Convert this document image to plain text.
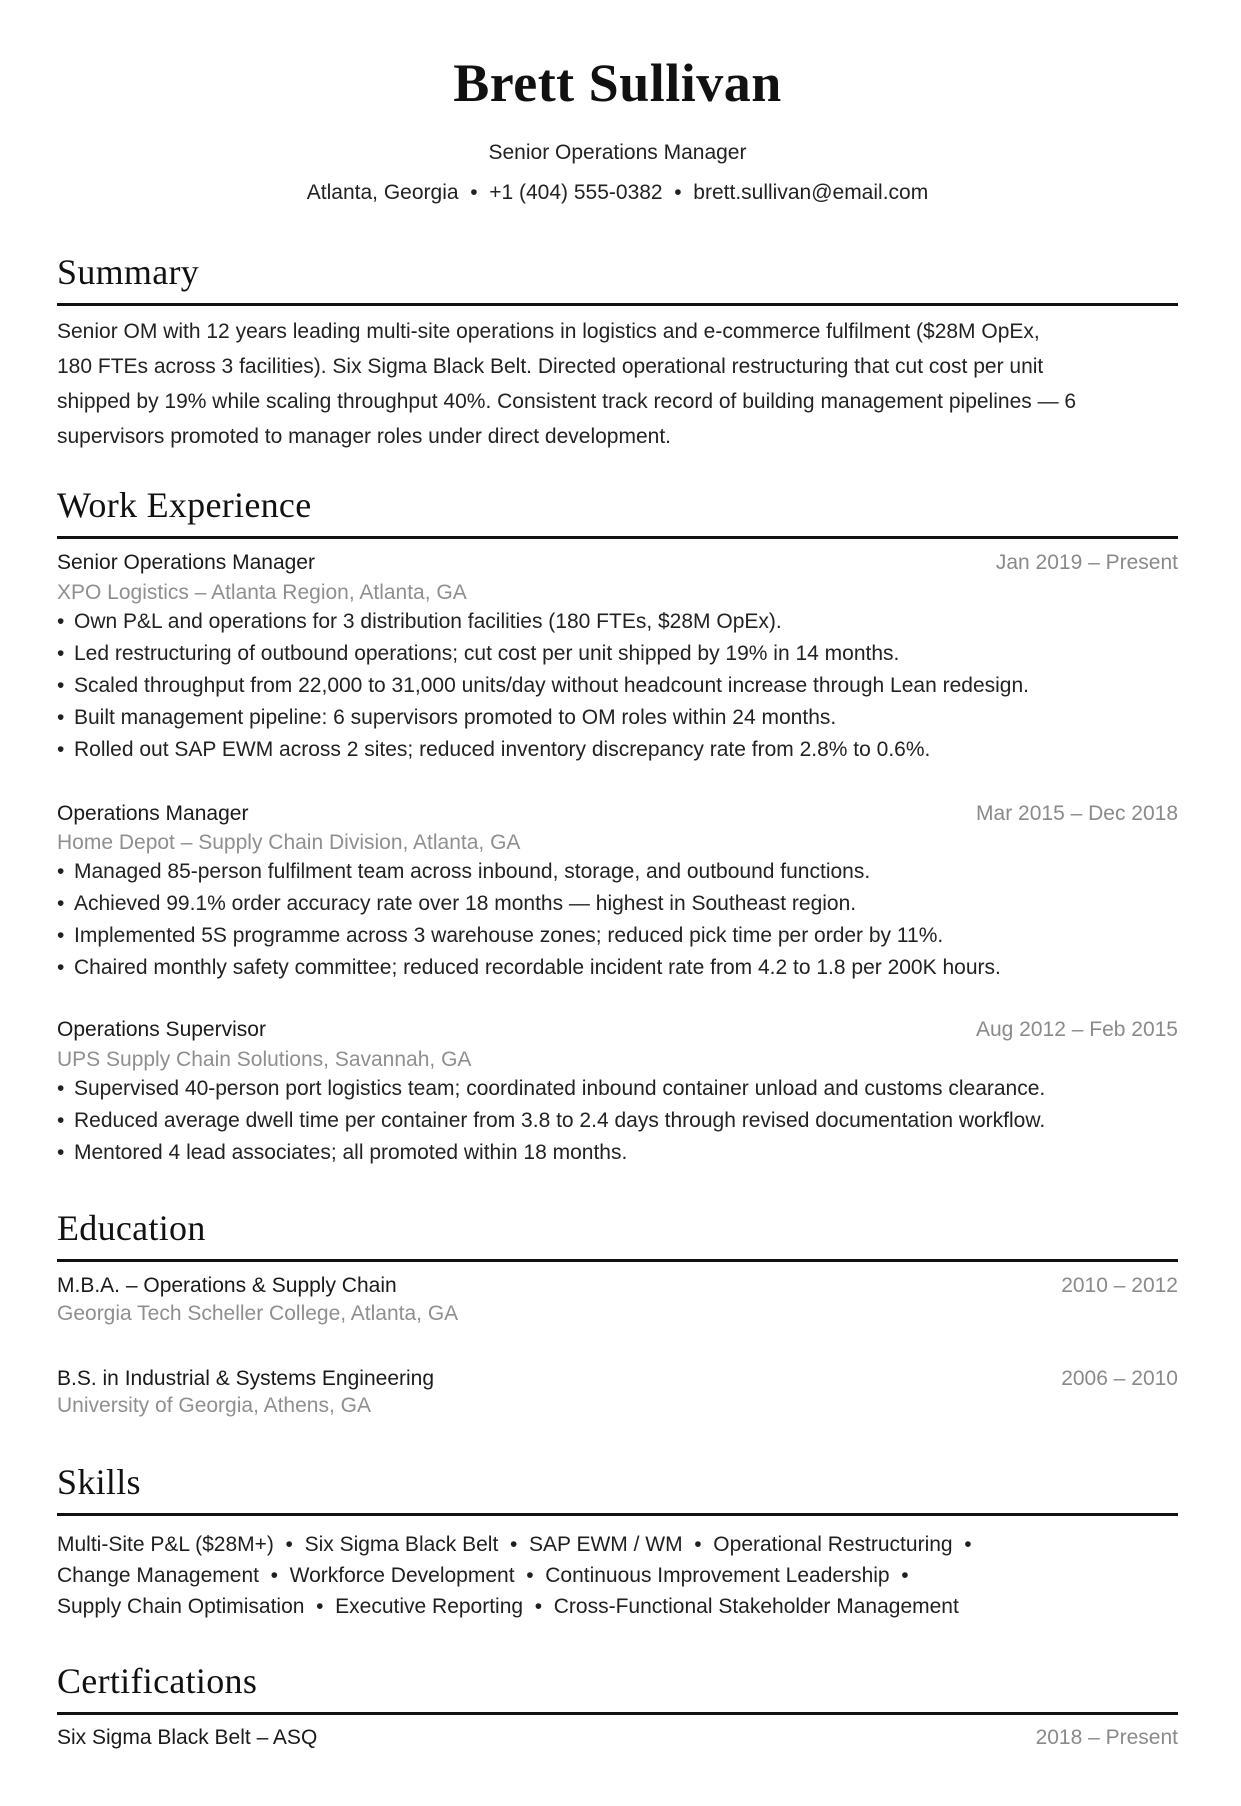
Brett Sullivan
Senior Operations Manager
Atlanta, Georgia  •  +1 (404) 555-0382  •  brett.sullivan@email.com
Summary
Senior OM with 12 years leading multi-site operations in logistics and e-commerce fulfilment ($28M OpEx,
180 FTEs across 3 facilities). Six Sigma Black Belt. Directed operational restructuring that cut cost per unit
shipped by 19% while scaling throughput 40%. Consistent track record of building management pipelines — 6
supervisors promoted to manager roles under direct development.
Work Experience
Senior Operations Manager	Jan 2019 – Present
XPO Logistics – Atlanta Region, Atlanta, GA
• Own P&L and operations for 3 distribution facilities (180 FTEs, $28M OpEx).
• Led restructuring of outbound operations; cut cost per unit shipped by 19% in 14 months.
• Scaled throughput from 22,000 to 31,000 units/day without headcount increase through Lean redesign.
• Built management pipeline: 6 supervisors promoted to OM roles within 24 months.
• Rolled out SAP EWM across 2 sites; reduced inventory discrepancy rate from 2.8% to 0.6%.
Operations Manager	Mar 2015 – Dec 2018
Home Depot – Supply Chain Division, Atlanta, GA
• Managed 85-person fulfilment team across inbound, storage, and outbound functions.
• Achieved 99.1% order accuracy rate over 18 months — highest in Southeast region.
• Implemented 5S programme across 3 warehouse zones; reduced pick time per order by 11%.
• Chaired monthly safety committee; reduced recordable incident rate from 4.2 to 1.8 per 200K hours.
Operations Supervisor	Aug 2012 – Feb 2015
UPS Supply Chain Solutions, Savannah, GA
• Supervised 40-person port logistics team; coordinated inbound container unload and customs clearance.
• Reduced average dwell time per container from 3.8 to 2.4 days through revised documentation workflow.
• Mentored 4 lead associates; all promoted within 18 months.
Education
M.B.A. – Operations & Supply Chain	2010 – 2012
Georgia Tech Scheller College, Atlanta, GA
B.S. in Industrial & Systems Engineering	2006 – 2010
University of Georgia, Athens, GA
Skills
Multi-Site P&L ($28M+)  •  Six Sigma Black Belt  •  SAP EWM / WM  •  Operational Restructuring  •
Change Management  •  Workforce Development  •  Continuous Improvement Leadership  •
Supply Chain Optimisation  •  Executive Reporting  •  Cross-Functional Stakeholder Management
Certifications
Six Sigma Black Belt – ASQ	2018 – Present
